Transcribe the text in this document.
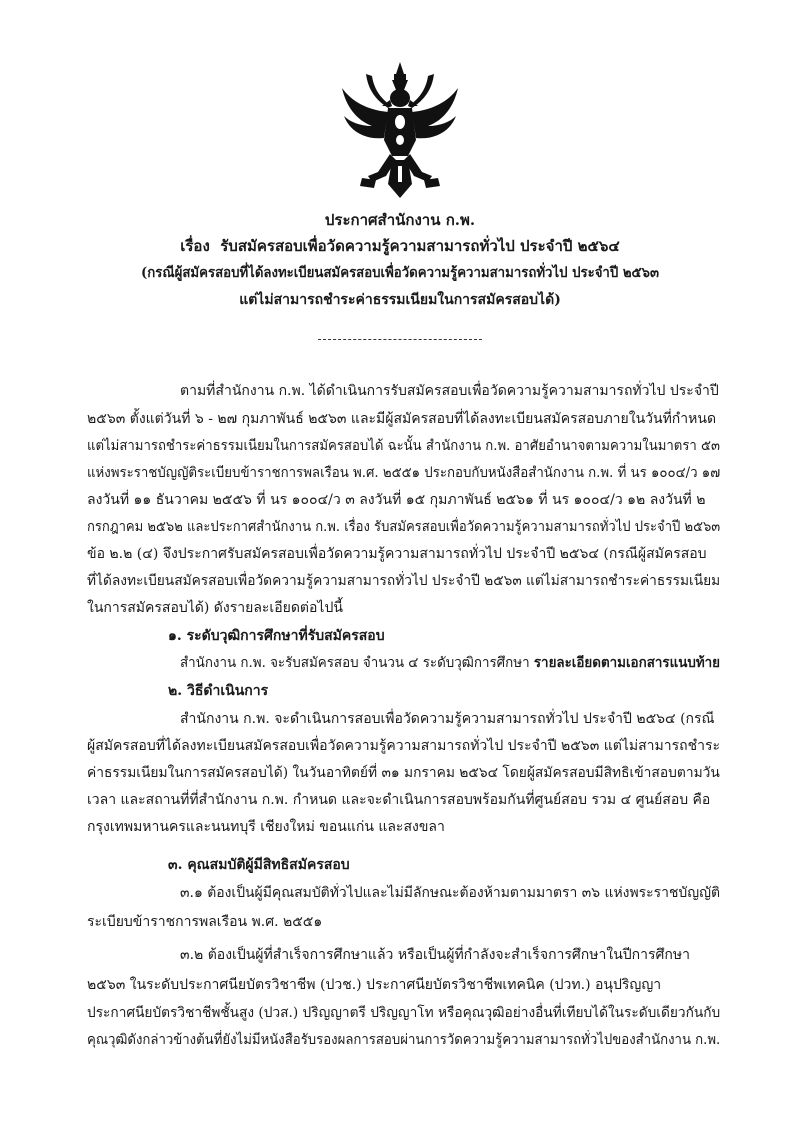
ประกาศสำนักงาน ก.พ.
เรื่อง รับสมัครสอบเพื่อวัดความรู้ความสามารถทั่วไป ประจำปี ๒๕๖๔
(กรณีผู้สมัครสอบที่ได้ลงทะเบียนสมัครสอบเพื่อวัดความรู้ความสามารถทั่วไป ประจำปี ๒๕๖๓
แต่ไม่สามารถชำระค่าธรรมเนียมในการสมัครสอบได้)
ตามที่สำนักงาน ก.พ. ได้ดำเนินการรับสมัครสอบเพื่อวัดความรู้ความสามารถทั่วไป ประจำปี
๒๕๖๓ ตั้งแต่วันที่ ๖ - ๒๗ กุมภาพันธ์ ๒๕๖๓ และมีผู้สมัครสอบที่ได้ลงทะเบียนสมัครสอบภายในวันที่กำหนด
แต่ไม่สามารถชำระค่าธรรมเนียมในการสมัครสอบได้ ฉะนั้น สำนักงาน ก.พ. อาศัยอำนาจตามความในมาตรา ๕๓
แห่งพระราชบัญญัติระเบียบข้าราชการพลเรือน พ.ศ. ๒๕๕๑ ประกอบกับหนังสือสำนักงาน ก.พ. ที่ นร ๑๐๐๔/ว ๑๗
ลงวันที่ ๑๑ ธันวาคม ๒๕๕๖ ที่ นร ๑๐๐๔/ว ๓ ลงวันที่ ๑๕ กุมภาพันธ์ ๒๕๖๑ ที่ นร ๑๐๐๔/ว ๑๒ ลงวันที่ ๒
กรกฎาคม ๒๕๖๒ และประกาศสำนักงาน ก.พ. เรื่อง รับสมัครสอบเพื่อวัดความรู้ความสามารถทั่วไป ประจำปี ๒๕๖๓
ข้อ ๒.๒ (๔) จึงประกาศรับสมัครสอบเพื่อวัดความรู้ความสามารถทั่วไป ประจำปี ๒๕๖๔ (กรณีผู้สมัครสอบ
ที่ได้ลงทะเบียนสมัครสอบเพื่อวัดความรู้ความสามารถทั่วไป ประจำปี ๒๕๖๓ แต่ไม่สามารถชำระค่าธรรมเนียม
ในการสมัครสอบได้) ดังรายละเอียดต่อไปนี้
๑. ระดับวุฒิการศึกษาที่รับสมัครสอบ
สำนักงาน ก.พ. จะรับสมัครสอบ จำนวน ๔ ระดับวุฒิการศึกษา รายละเอียดตามเอกสารแนบท้าย
๒. วิธีดำเนินการ
สำนักงาน ก.พ. จะดำเนินการสอบเพื่อวัดความรู้ความสามารถทั่วไป ประจำปี ๒๕๖๔ (กรณี
ผู้สมัครสอบที่ได้ลงทะเบียนสมัครสอบเพื่อวัดความรู้ความสามารถทั่วไป ประจำปี ๒๕๖๓ แต่ไม่สามารถชำระ
ค่าธรรมเนียมในการสมัครสอบได้) ในวันอาทิตย์ที่ ๓๑ มกราคม ๒๕๖๔ โดยผู้สมัครสอบมีสิทธิเข้าสอบตามวัน
เวลา และสถานที่ที่สำนักงาน ก.พ. กำหนด และจะดำเนินการสอบพร้อมกันที่ศูนย์สอบ รวม ๔ ศูนย์สอบ คือ
กรุงเทพมหานครและนนทบุรี เชียงใหม่ ขอนแก่น และสงขลา
๓. คุณสมบัติผู้มีสิทธิสมัครสอบ
๓.๑ ต้องเป็นผู้มีคุณสมบัติทั่วไปและไม่มีลักษณะต้องห้ามตามมาตรา ๓๖ แห่งพระราชบัญญัติ
ระเบียบข้าราชการพลเรือน พ.ศ. ๒๕๕๑
๓.๒ ต้องเป็นผู้ที่สำเร็จการศึกษาแล้ว หรือเป็นผู้ที่กำลังจะสำเร็จการศึกษาในปีการศึกษา
๒๕๖๓ ในระดับประกาศนียบัตรวิชาชีพ (ปวช.) ประกาศนียบัตรวิชาชีพเทคนิค (ปวท.) อนุปริญญา
ประกาศนียบัตรวิชาชีพชั้นสูง (ปวส.) ปริญญาตรี ปริญญาโท หรือคุณวุฒิอย่างอื่นที่เทียบได้ในระดับเดียวกันกับ
คุณวุฒิดังกล่าวข้างต้นที่ยังไม่มีหนังสือรับรองผลการสอบผ่านการวัดความรู้ความสามารถทั่วไปของสำนักงาน ก.พ.
